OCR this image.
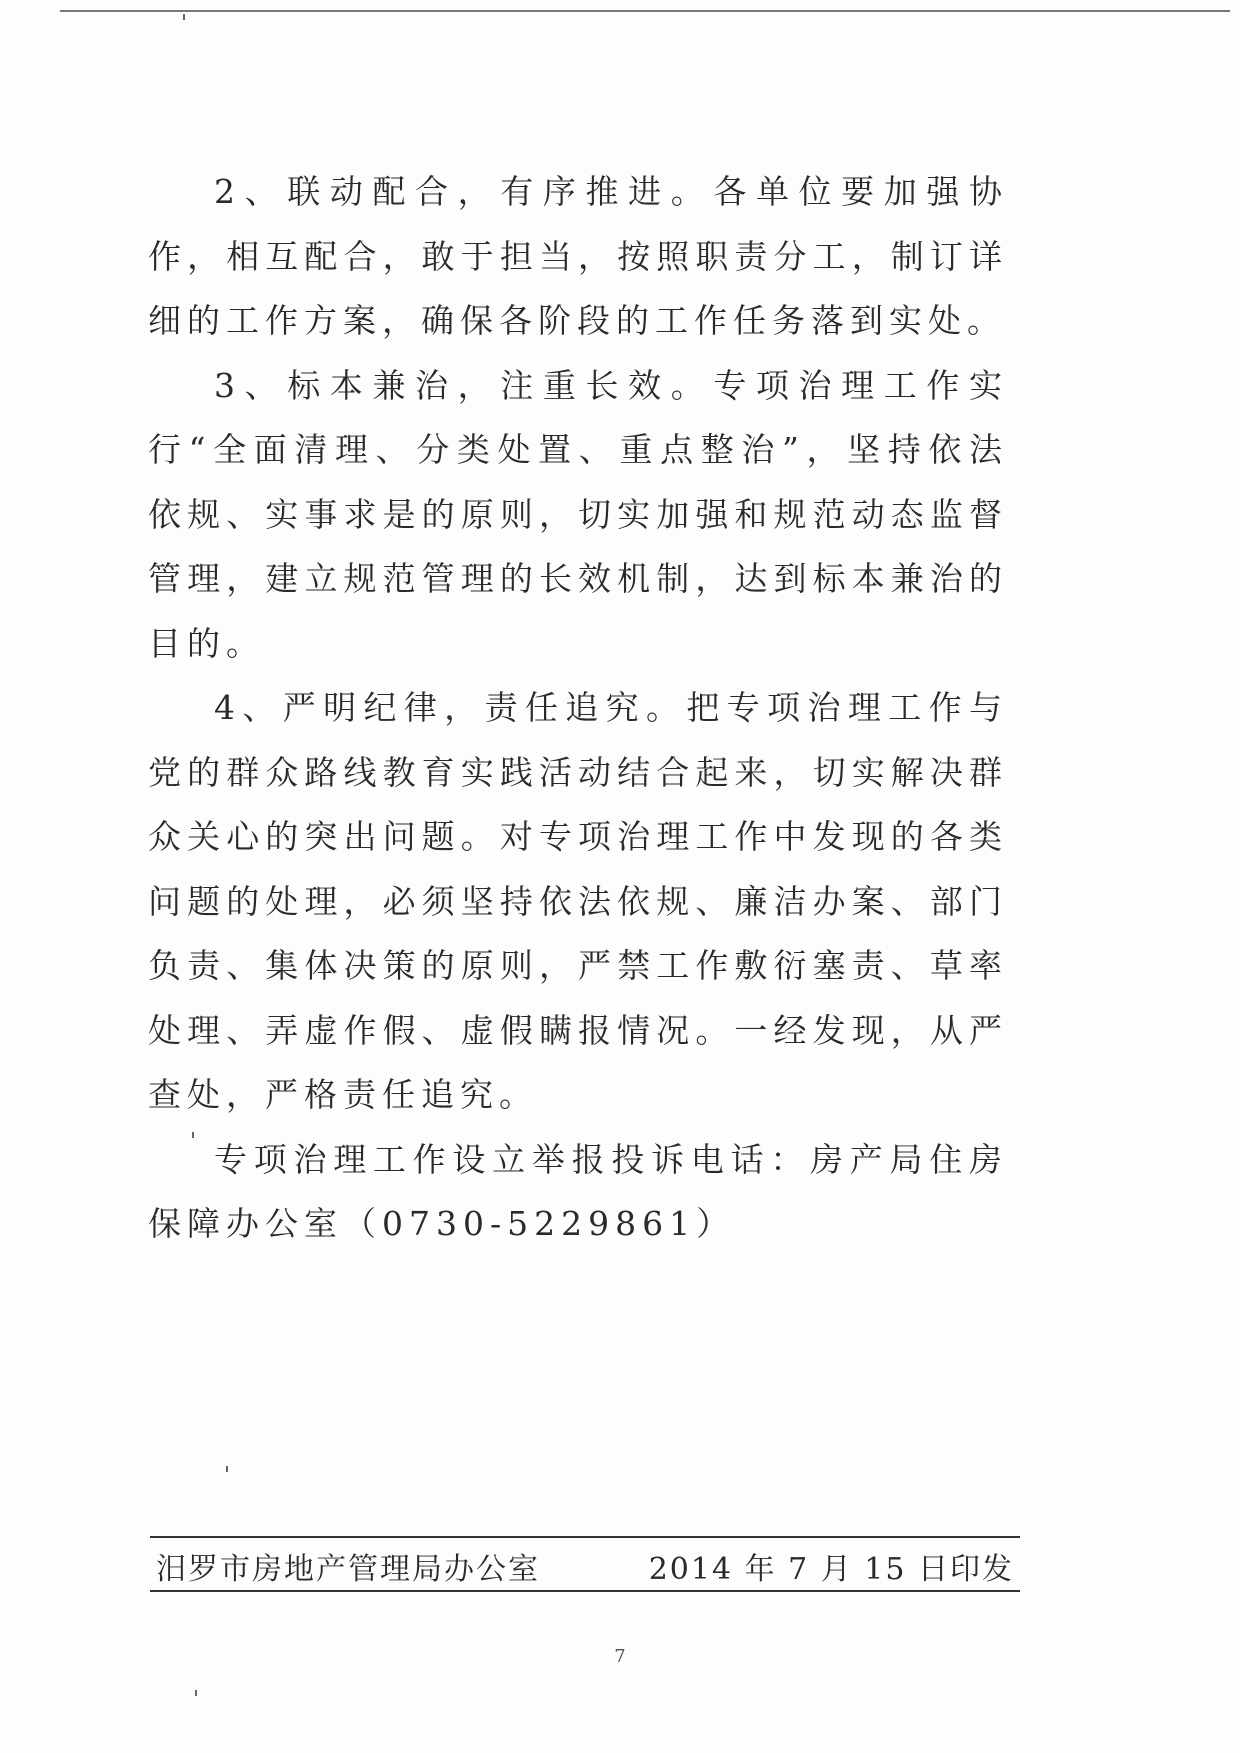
2、联动配合，有序推进。各单位要加强协作，相互配合，敢于担当，按照职责分工，制订详细的工作方案，确保各阶段的工作任务落到实处。

3、标本兼治，注重长效。专项治理工作实行“全面清理、分类处置、重点整治”，坚持依法依规、实事求是的原则，切实加强和规范动态监督管理，建立规范管理的长效机制，达到标本兼治的目的。

4、严明纪律，责任追究。把专项治理工作与党的群众路线教育实践活动结合起来，切实解决群众关心的突出问题。对专项治理工作中发现的各类问题的处理，必须坚持依法依规、廉洁办案、部门负责、集体决策的原则，严禁工作敷衍塞责、草率处理、弄虚作假、虚假瞒报情况。一经发现，从严查处，严格责任追究。

专项治理工作设立举报投诉电话：房产局住房保障办公室（0730-5229861）

汨罗市房地产管理局办公室	2014 年 7 月 15 日印发
7
